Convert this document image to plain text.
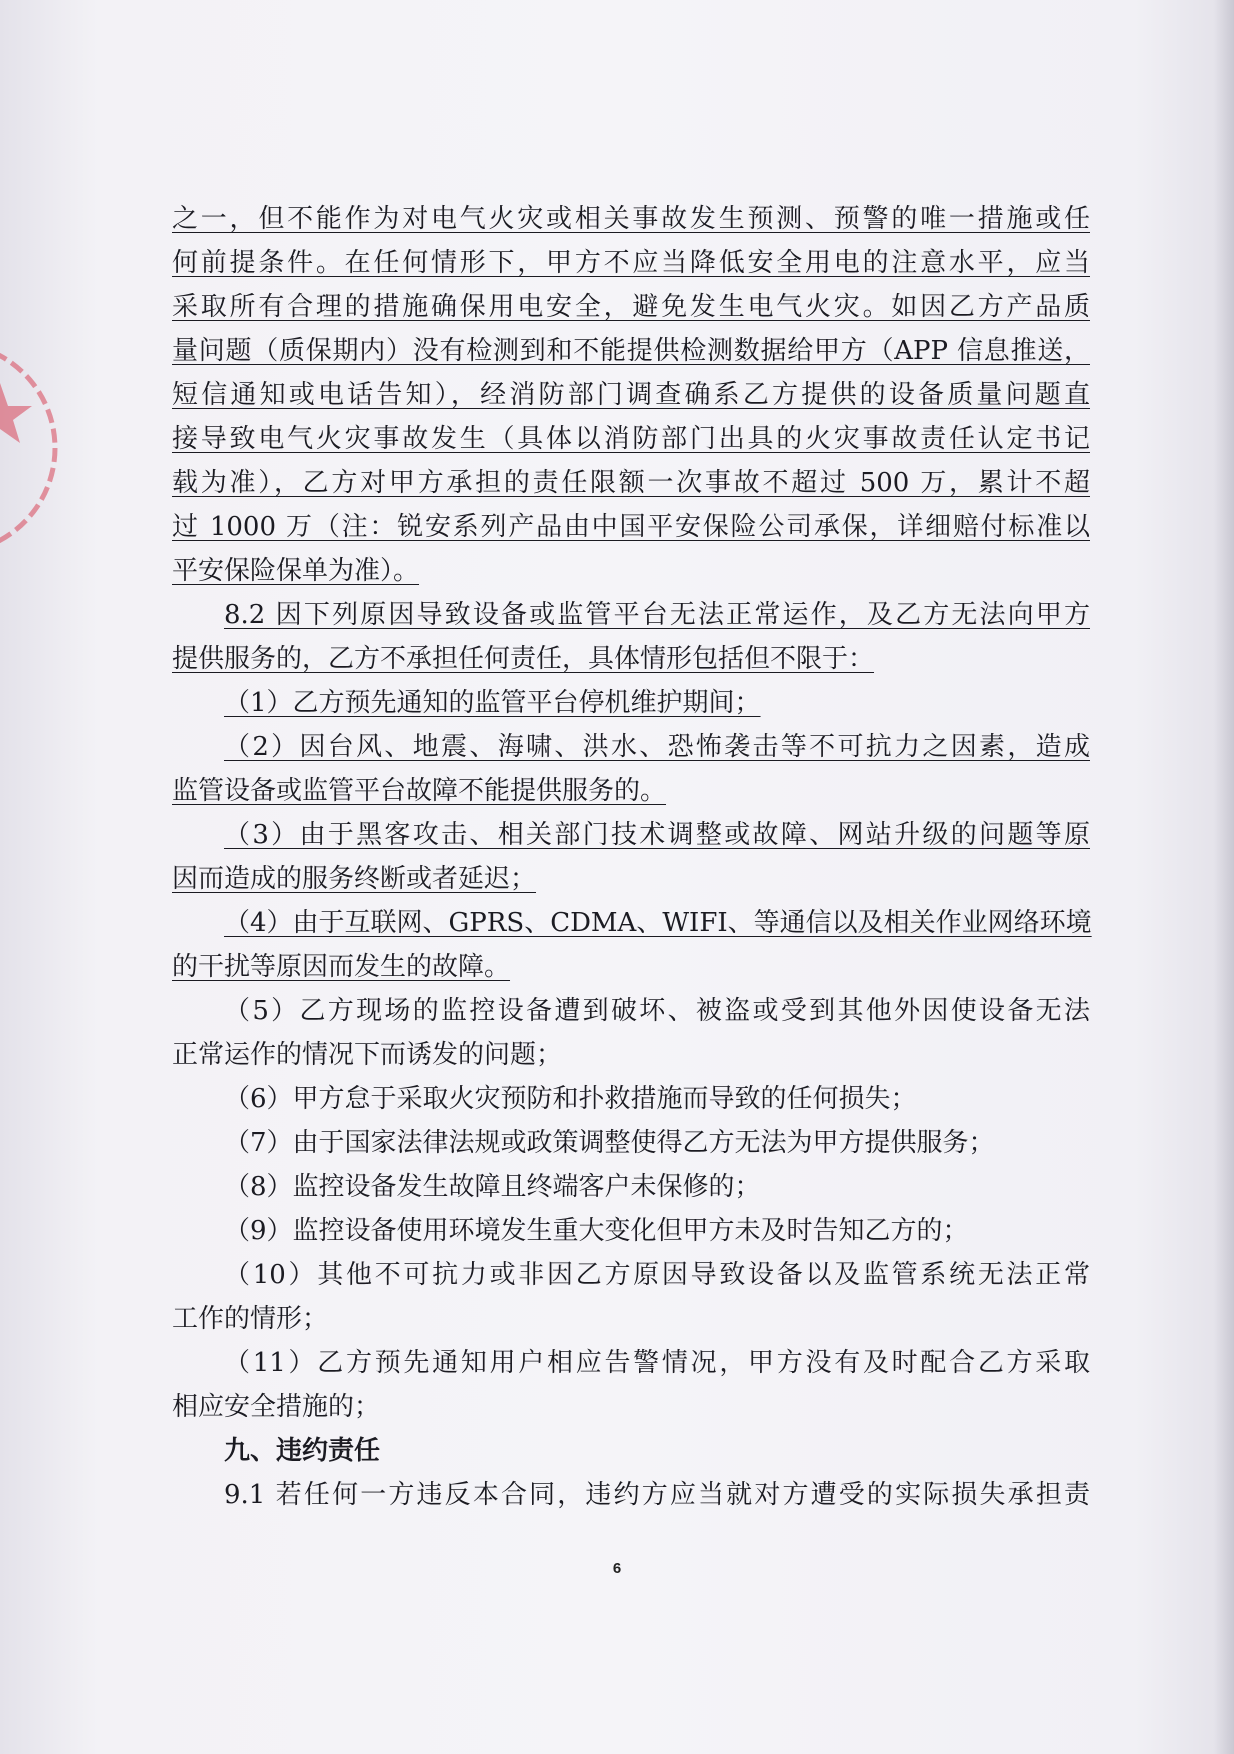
之一，但不能作为对电气火灾或相关事故发生预测、预警的唯一措施或任
何前提条件。在任何情形下，甲方不应当降低安全用电的注意水平，应当
采取所有合理的措施确保用电安全，避免发生电气火灾。如因乙方产品质
量问题（质保期内）没有检测到和不能提供检测数据给甲方（APP 信息推送，
短信通知或电话告知），经消防部门调查确系乙方提供的设备质量问题直
接导致电气火灾事故发生（具体以消防部门出具的火灾事故责任认定书记
载为准），乙方对甲方承担的责任限额一次事故不超过 500 万，累计不超
过 1000 万（注：锐安系列产品由中国平安保险公司承保，详细赔付标准以
平安保险保单为准）。
8.2 因下列原因导致设备或监管平台无法正常运作，及乙方无法向甲方
提供服务的，乙方不承担任何责任，具体情形包括但不限于：
（1）乙方预先通知的监管平台停机维护期间；
（2）因台风、地震、海啸、洪水、恐怖袭击等不可抗力之因素，造成
监管设备或监管平台故障不能提供服务的。
（3）由于黑客攻击、相关部门技术调整或故障、网站升级的问题等原
因而造成的服务终断或者延迟；
（4）由于互联网、GPRS、CDMA、WIFI、等通信以及相关作业网络环境
的干扰等原因而发生的故障。
（5）乙方现场的监控设备遭到破坏、被盗或受到其他外因使设备无法
正常运作的情况下而诱发的问题；
（6）甲方怠于采取火灾预防和扑救措施而导致的任何损失；
（7）由于国家法律法规或政策调整使得乙方无法为甲方提供服务；
（8）监控设备发生故障且终端客户未保修的；
（9）监控设备使用环境发生重大变化但甲方未及时告知乙方的；
（10）其他不可抗力或非因乙方原因导致设备以及监管系统无法正常
工作的情形；
（11）乙方预先通知用户相应告警情况，甲方没有及时配合乙方采取
相应安全措施的；
九、违约责任
9.1 若任何一方违反本合同，违约方应当就对方遭受的实际损失承担责
6
